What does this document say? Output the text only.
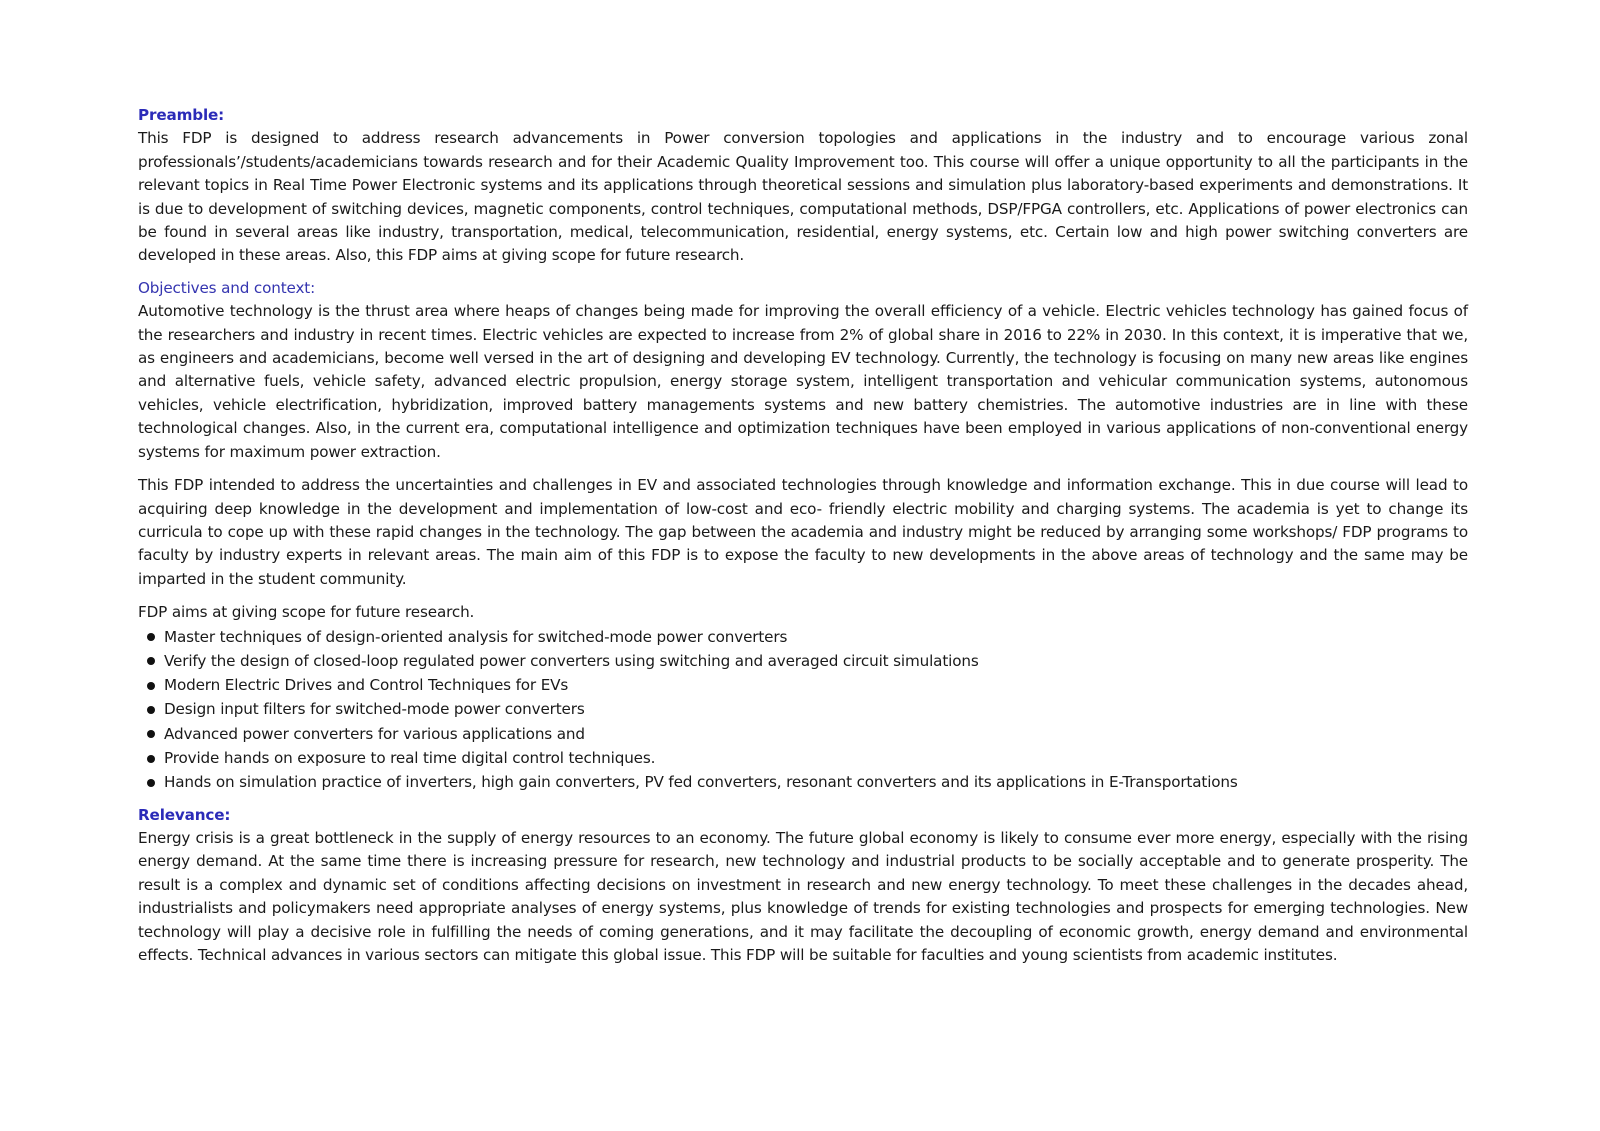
Preamble:

This FDP is designed to address research advancements in Power conversion topologies and applications in the industry and to encourage various zonal professionals’/students/academicians towards research and for their Academic Quality Improvement too. This course will offer a unique opportunity to all the participants in the relevant topics in Real Time Power Electronic systems and its applications through theoretical sessions and simulation plus laboratory-based experiments and demonstrations. It is due to development of switching devices, magnetic components, control techniques, computational methods, DSP/FPGA controllers, etc. Applications of power electronics can be found in several areas like industry, transportation, medical, telecommunication, residential, energy systems, etc. Certain low and high power switching converters are developed in these areas. Also, this FDP aims at giving scope for future research.

Objectives and context:

Automotive technology is the thrust area where heaps of changes being made for improving the overall efficiency of a vehicle. Electric vehicles technology has gained focus of the researchers and industry in recent times. Electric vehicles are expected to increase from 2% of global share in 2016 to 22% in 2030. In this context, it is imperative that we, as engineers and academicians, become well versed in the art of designing and developing EV technology. Currently, the technology is focusing on many new areas like engines and alternative fuels, vehicle safety, advanced electric propulsion, energy storage system, intelligent transportation and vehicular communication systems, autonomous vehicles, vehicle electrification, hybridization, improved battery managements systems and new battery chemistries. The automotive industries are in line with these technological changes. Also, in the current era, computational intelligence and optimization techniques have been employed in various applications of non-conventional energy systems for maximum power extraction.

This FDP intended to address the uncertainties and challenges in EV and associated technologies through knowledge and information exchange. This in due course will lead to acquiring deep knowledge in the development and implementation of low-cost and eco- friendly electric mobility and charging systems. The academia is yet to change its curricula to cope up with these rapid changes in the technology. The gap between the academia and industry might be reduced by arranging some workshops/ FDP programs to faculty by industry experts in relevant areas. The main aim of this FDP is to expose the faculty to new developments in the above areas of technology and the same may be imparted in the student community.

FDP aims at giving scope for future research.

Master techniques of design-oriented analysis for switched-mode power converters
Verify the design of closed-loop regulated power converters using switching and averaged circuit simulations
Modern Electric Drives and Control Techniques for EVs
Design input filters for switched-mode power converters
Advanced power converters for various applications and
Provide hands on exposure to real time digital control techniques.
Hands on simulation practice of inverters, high gain converters, PV fed converters, resonant converters and its applications in E-Transportations
Relevance:

Energy crisis is a great bottleneck in the supply of energy resources to an economy. The future global economy is likely to consume ever more energy, especially with the rising energy demand. At the same time there is increasing pressure for research, new technology and industrial products to be socially acceptable and to generate prosperity. The result is a complex and dynamic set of conditions affecting decisions on investment in research and new energy technology. To meet these challenges in the decades ahead, industrialists and policymakers need appropriate analyses of energy systems, plus knowledge of trends for existing technologies and prospects for emerging technologies. New technology will play a decisive role in fulfilling the needs of coming generations, and it may facilitate the decoupling of economic growth, energy demand and environmental effects. Technical advances in various sectors can mitigate this global issue. This FDP will be suitable for faculties and young scientists from academic institutes.
